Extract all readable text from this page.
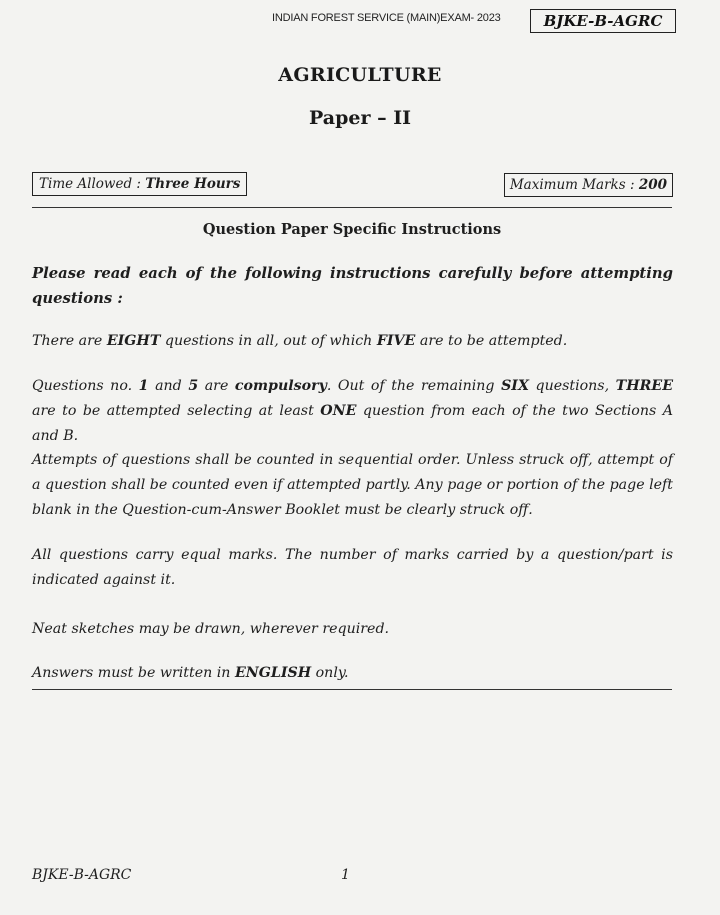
INDIAN FOREST SERVICE (MAIN)EXAM- 2023	BJKE-B-AGRC
AGRICULTURE
Paper – II
Time Allowed : Three Hours	Maximum Marks : 200
Question Paper Specific Instructions
Please read each of the following instructions carefully before attempting questions :
There are EIGHT questions in all, out of which FIVE are to be attempted.
Questions no. 1 and 5 are compulsory. Out of the remaining SIX questions, THREE are to be attempted selecting at least ONE question from each of the two Sections A and B.
Attempts of questions shall be counted in sequential order. Unless struck off, attempt of a question shall be counted even if attempted partly. Any page or portion of the page left blank in the Question-cum-Answer Booklet must be clearly struck off.
All questions carry equal marks. The number of marks carried by a question/part is indicated against it.
Neat sketches may be drawn, wherever required.
Answers must be written in ENGLISH only.
BJKE-B-AGRC	1
